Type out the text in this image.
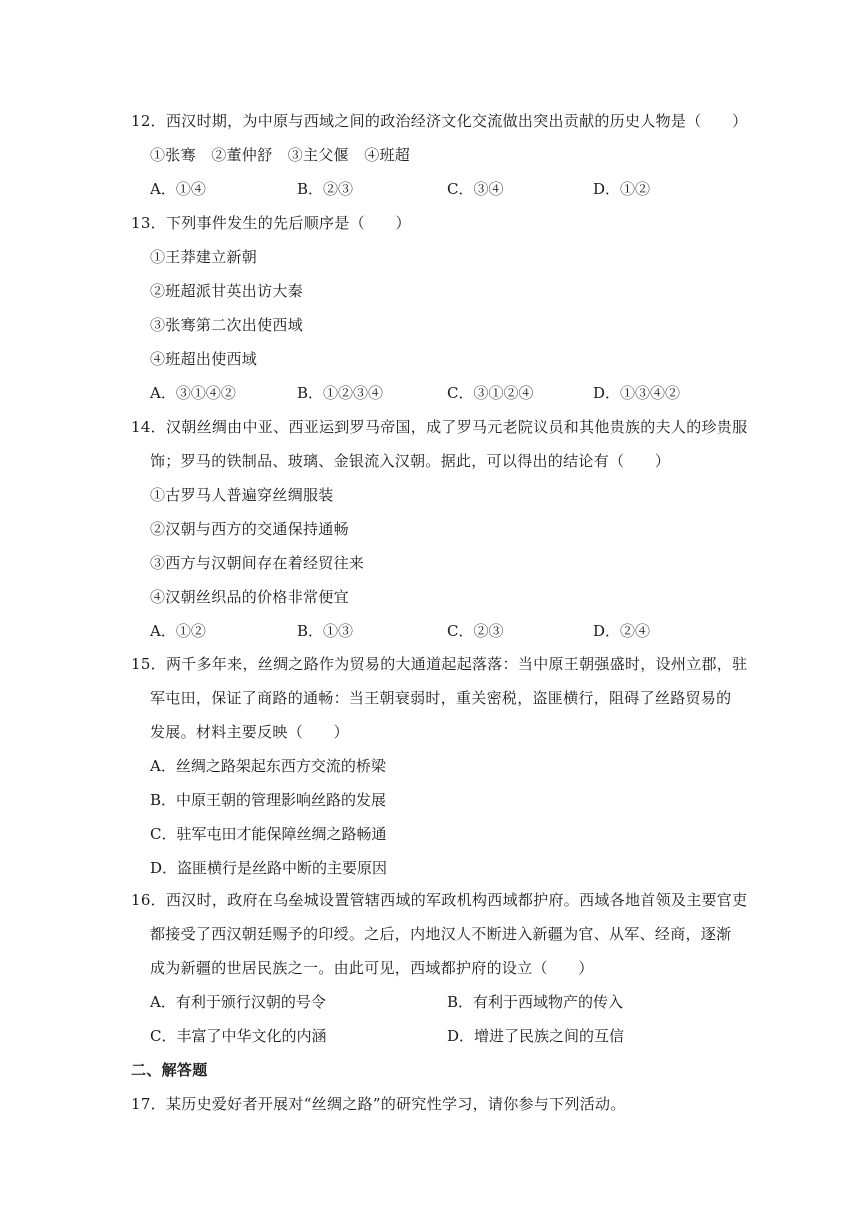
12．西汉时期，为中原与西域之间的政治经济文化交流做出突出贡献的历史人物是（　　）
①张骞　②董仲舒　③主父偃　④班超
A．①④	B．②③	C．③④	D．①②
13．下列事件发生的先后顺序是（　　）
①王莽建立新朝
②班超派甘英出访大秦
③张骞第二次出使西域
④班超出使西域
A．③①④②	B．①②③④	C．③①②④	D．①③④②
14．汉朝丝绸由中亚、西亚运到罗马帝国，成了罗马元老院议员和其他贵族的夫人的珍贵服
饰；罗马的铁制品、玻璃、金银流入汉朝。据此，可以得出的结论有（　　）
①古罗马人普遍穿丝绸服装
②汉朝与西方的交通保持通畅
③西方与汉朝间存在着经贸往来
④汉朝丝织品的价格非常便宜
A．①②	B．①③	C．②③	D．②④
15．两千多年来，丝绸之路作为贸易的大通道起起落落：当中原王朝强盛时，设州立郡，驻
军屯田，保证了商路的通畅：当王朝衰弱时，重关密税，盗匪横行，阻碍了丝路贸易的
发展。材料主要反映（　　）
A．丝绸之路架起东西方交流的桥梁
B．中原王朝的管理影响丝路的发展
C．驻军屯田才能保障丝绸之路畅通
D．盗匪横行是丝路中断的主要原因
16．西汉时，政府在乌垒城设置管辖西域的军政机构西域都护府。西域各地首领及主要官吏
都接受了西汉朝廷赐予的印绶。之后，内地汉人不断进入新疆为官、从军、经商，逐渐
成为新疆的世居民族之一。由此可见，西域都护府的设立（　　）
A．有利于颁行汉朝的号令	B．有利于西域物产的传入
C．丰富了中华文化的内涵	D．增进了民族之间的互信
二、解答题
17．某历史爱好者开展对“丝绸之路”的研究性学习，请你参与下列活动。
